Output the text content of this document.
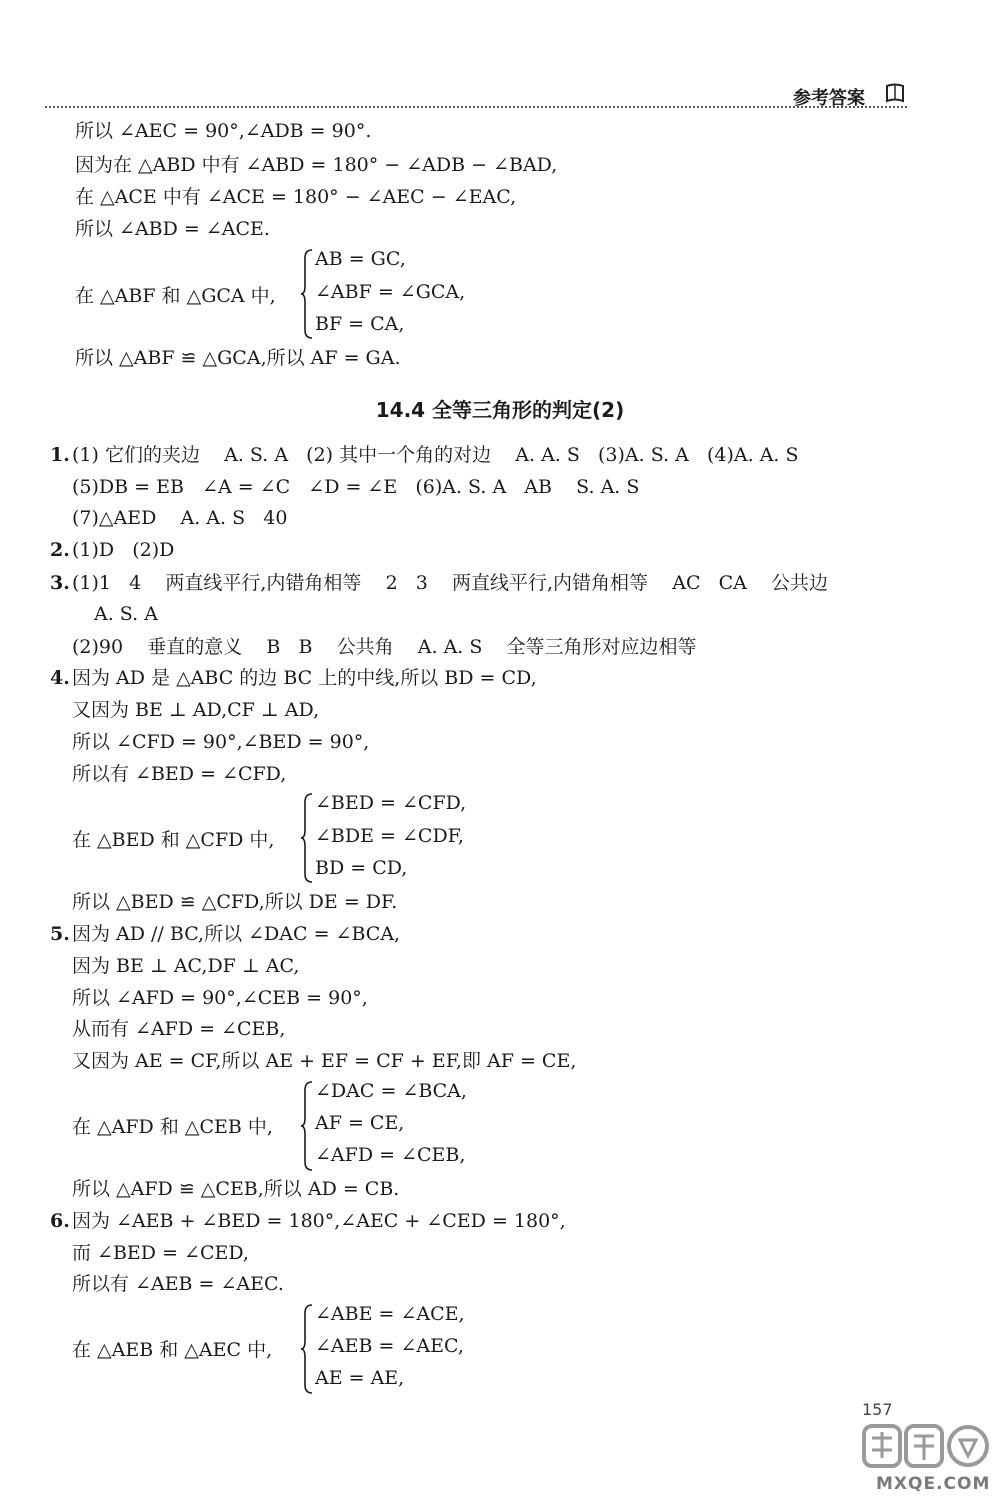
参考答案
所以 ∠AEC = 90°,∠ADB = 90°.
因为在 △ABD 中有 ∠ABD = 180° − ∠ADB − ∠BAD,
在 △ACE 中有 ∠ACE = 180° − ∠AEC − ∠EAC,
所以 ∠ABD = ∠ACE.
在 △ABF 和 △GCA 中,
AB = GC,
∠ABF = ∠GCA,
BF = CA,
所以 △ABF ≌ △GCA,所以 AF = GA.
14.4 全等三角形的判定(2)
1. (1) 它们的夹边    A. S. A   (2) 其中一个角的对边    A. A. S   (3)A. S. A   (4)A. A. S
(5)DB = EB   ∠A = ∠C   ∠D = ∠E   (6)A. S. A   AB    S. A. S
(7)△AED    A. A. S   40
2. (1)D   (2)D
3. (1)1   4    两直线平行,内错角相等    2   3    两直线平行,内错角相等    AC   CA    公共边
A. S. A
(2)90    垂直的意义    B   B    公共角    A. A. S    全等三角形对应边相等
4. 因为 AD 是 △ABC 的边 BC 上的中线,所以 BD = CD,
又因为 BE ⊥ AD,CF ⊥ AD,
所以 ∠CFD = 90°,∠BED = 90°,
所以有 ∠BED = ∠CFD,
在 △BED 和 △CFD 中,
∠BED = ∠CFD,
∠BDE = ∠CDF,
BD = CD,
所以 △BED ≌ △CFD,所以 DE = DF.
5. 因为 AD // BC,所以 ∠DAC = ∠BCA,
因为 BE ⊥ AC,DF ⊥ AC,
所以 ∠AFD = 90°,∠CEB = 90°,
从而有 ∠AFD = ∠CEB,
又因为 AE = CF,所以 AE + EF = CF + EF,即 AF = CE,
在 △AFD 和 △CEB 中,
∠DAC = ∠BCA,
AF = CE,
∠AFD = ∠CEB,
所以 △AFD ≌ △CEB,所以 AD = CB.
6. 因为 ∠AEB + ∠BED = 180°,∠AEC + ∠CED = 180°,
而 ∠BED = ∠CED,
所以有 ∠AEB = ∠AEC.
在 △AEB 和 △AEC 中,
∠ABE = ∠ACE,
∠AEB = ∠AEC,
AE = AE,
157
MXQE.COM
